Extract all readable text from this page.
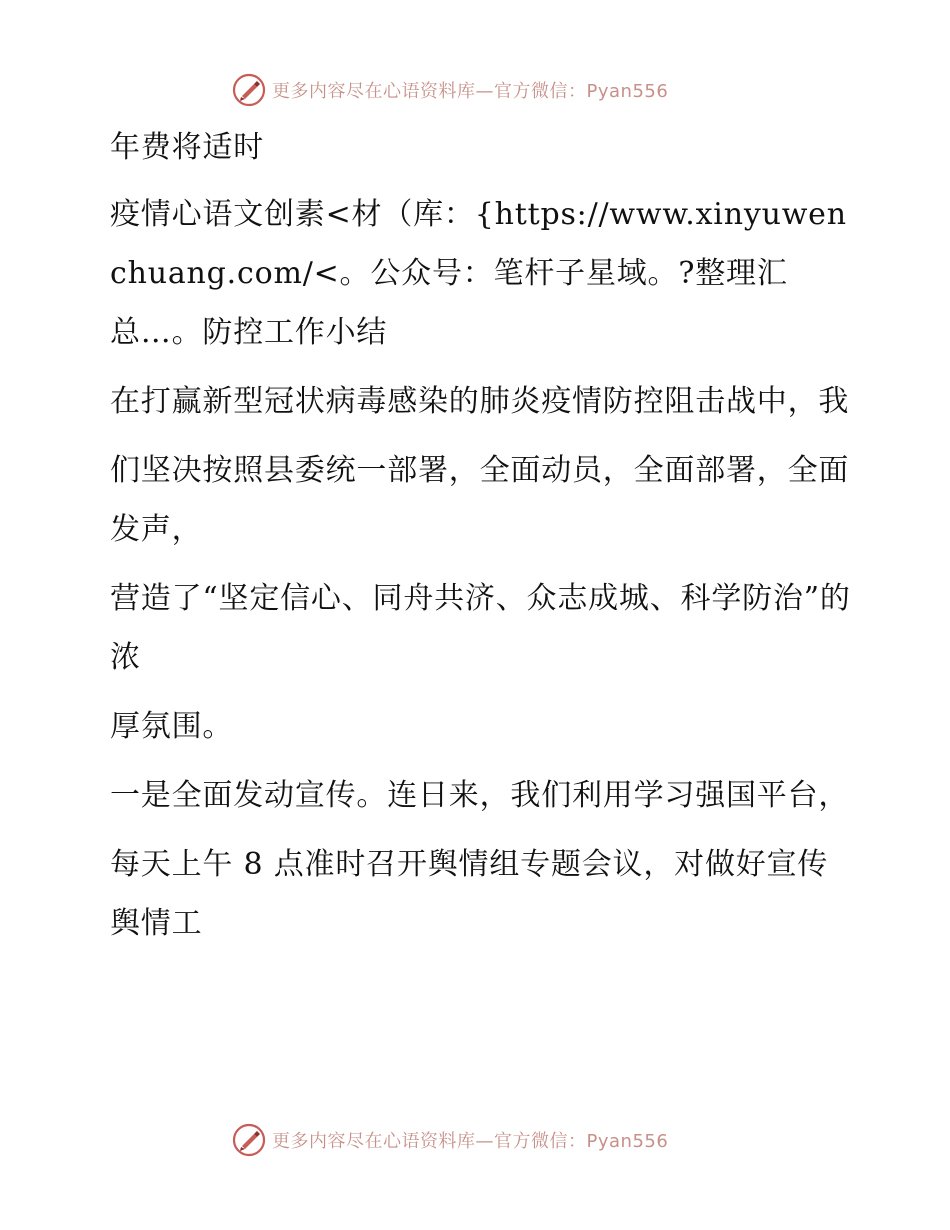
更多内容尽在心语资料库—官方微信：Pyan556

年费将适时

疫情心语文创素<材（库：{https://www.xinyuwenchuang.com/<。公众号：笔杆子星域。?整理汇总…。防控工作小结

在打赢新型冠状病毒感染的肺炎疫情防控阻击战中，我

们坚决按照县委统一部署，全面动员，全面部署，全面发声，

营造了“坚定信心、同舟共济、众志成城、科学防治”的浓

厚氛围。

一是全面发动宣传。连日来，我们利用学习强国平台，

每天上午 8 点准时召开舆情组专题会议，对做好宣传舆情工

更多内容尽在心语资料库—官方微信：Pyan556
